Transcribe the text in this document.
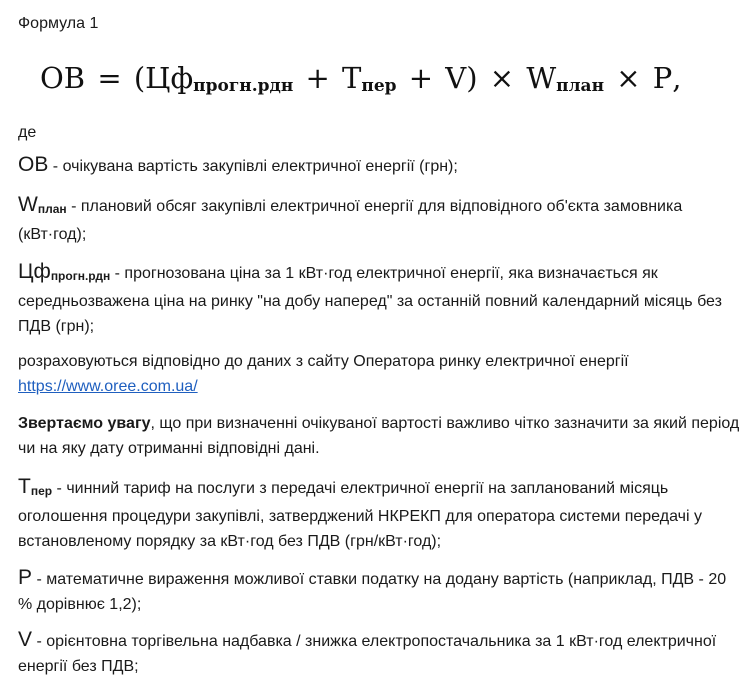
Формула 1
ОВ = (Цфпрогн.рдн + Тпер + V) × Wплан × Р,
де
ОВ - очікувана вартість закупівлі електричної енергії (грн);
Wплан - плановий обсяг закупівлі електричної енергії для відповідного об'єкта замовника (кВт·год);
Цфпрогн.рдн - прогнозована ціна за 1 кВт·год електричної енергії, яка визначається як середньозважена ціна на ринку "на добу наперед" за останній повний календарний місяць без ПДВ (грн);
розраховуються відповідно до даних з сайту Оператора ринку електричної енергії https://www.oree.com.ua/
Звертаємо увагу, що при визначенні очікуваної вартості важливо чітко зазначити за який період чи на яку дату отриманні відповідні дані.
Тпер - чинний тариф на послуги з передачі електричної енергії на запланований місяць оголошення процедури закупівлі, затверджений НКРЕКП для оператора системи передачі у встановленому порядку за кВт·год без ПДВ (грн/кВт·год);
Р - математичне вираження можливої ставки податку на додану вартість (наприклад, ПДВ - 20 % дорівнює 1,2);
V - орієнтовна торгівельна надбавка / знижка електропостачальника за 1 кВт·год електричної енергії без ПДВ;
